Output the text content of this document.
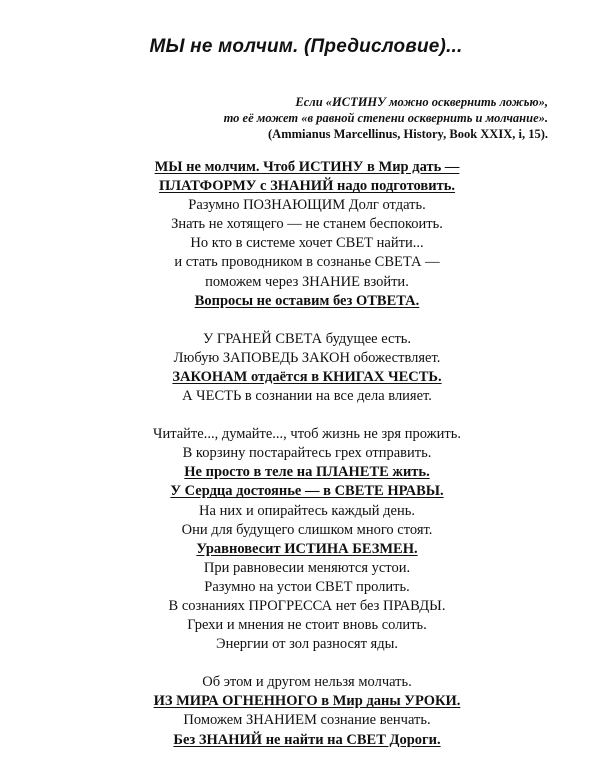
МЫ не молчим. (Предисловие)...
Если «ИСТИНУ можно осквернить ложью»,
то её может «в равной степени осквернить и молчание».
(Ammianus Marcellinus, History, Book XXIX, i, 15).
МЫ не молчим. Чтоб ИСТИНУ в Мир дать —
ПЛАТФОРМУ с ЗНАНИЙ надо подготовить.
Разумно ПОЗНАЮЩИМ Долг отдать.
Знать не хотящего — не станем беспокоить.
Но кто в системе хочет СВЕТ найти...
и стать проводником в сознанье СВЕТА —
поможем через ЗНАНИЕ взойти.
Вопросы не оставим без ОТВЕТА.
У ГРАНЕЙ СВЕТА будущее есть.
Любую ЗАПОВЕДЬ ЗАКОН обожествляет.
ЗАКОНАМ отдаётся в КНИГАХ ЧЕСТЬ.
А ЧЕСТЬ в сознании на все дела влияет.
Читайте..., думайте..., чтоб жизнь не зря прожить.
В корзину постарайтесь грех отправить.
Не просто в теле на ПЛАНЕТЕ жить.
У Сердца достоянье — в СВЕТЕ НРАВЫ.
На них и опирайтесь каждый день.
Они для будущего слишком много стоят.
Уравновесит ИСТИНА БЕЗМЕН.
При равновесии меняются устои.
Разумно на устои СВЕТ пролить.
В сознаниях ПРОГРЕССА нет без ПРАВДЫ.
Грехи и мнения не стоит вновь солить.
Энергии от зол разносят яды.
Об этом и другом нельзя молчать.
ИЗ МИРА ОГНЕННОГО в Мир даны УРОКИ.
Поможем ЗНАНИЕМ сознание венчать.
Без ЗНАНИЙ не найти на СВЕТ Дороги.
